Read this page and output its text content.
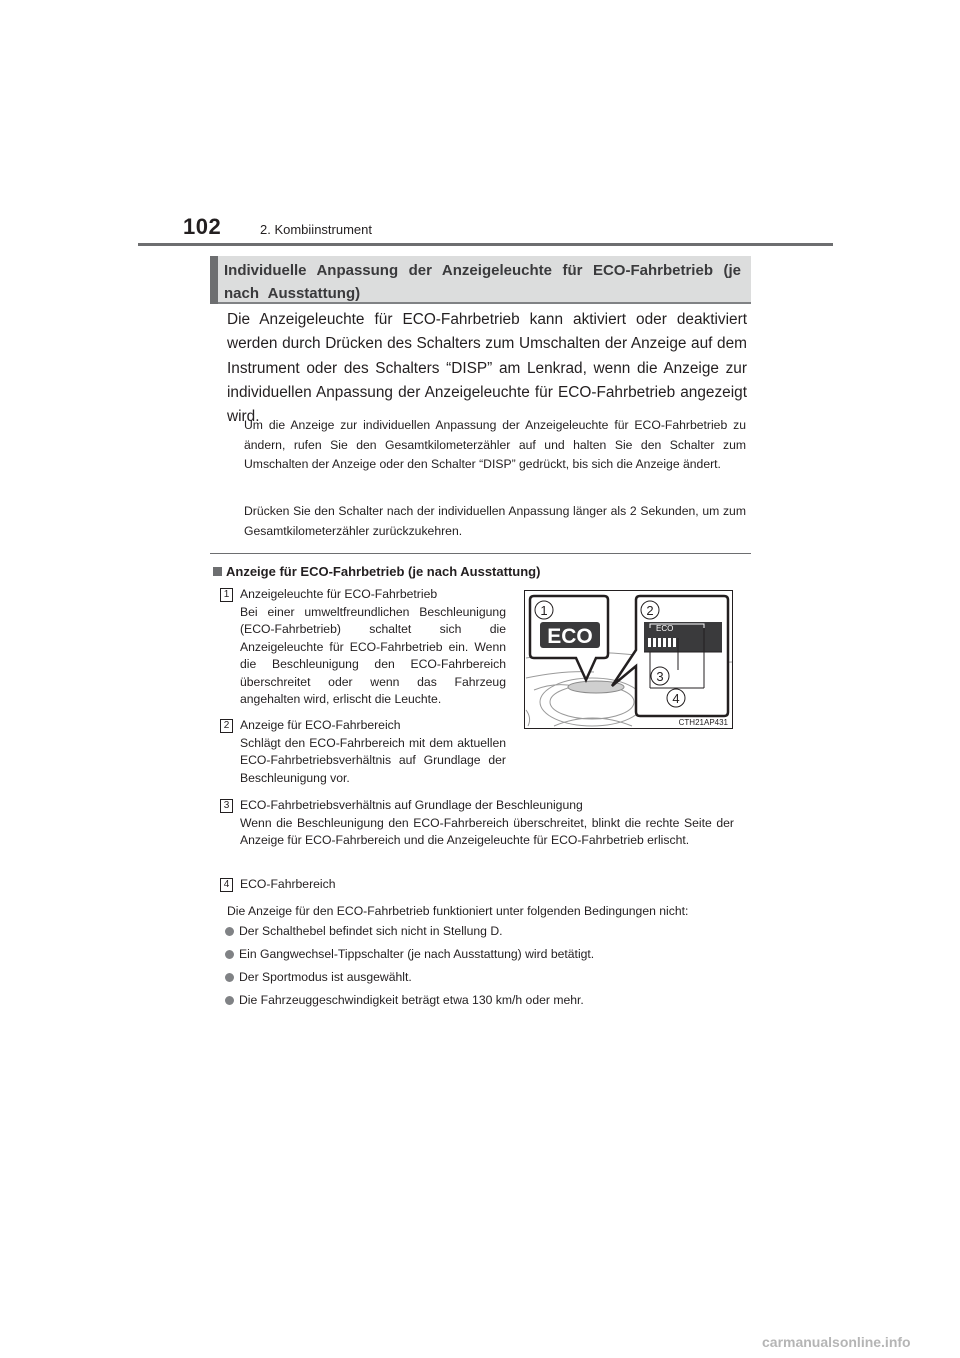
102	2. Kombiinstrument
Individuelle Anpassung der Anzeigeleuchte für ECO-Fahrbetrieb (je nach Ausstattung)

Die Anzeigeleuchte für ECO-Fahrbetrieb kann aktiviert oder deaktiviert werden durch Drücken des Schalters zum Umschalten der Anzeige auf dem Instrument oder des Schalters “DISP” am Lenkrad, wenn die Anzeige zur individuellen Anpassung der Anzeigeleuchte für ECO-Fahrbetrieb angezeigt wird.

Um die Anzeige zur individuellen Anpassung der Anzeigeleuchte für ECO-Fahrbetrieb zu ändern, rufen Sie den Gesamtkilometerzähler auf und halten Sie den Schalter zum Umschalten der Anzeige oder den Schalter “DISP” gedrückt, bis sich die Anzeige ändert.

Drücken Sie den Schalter nach der individuellen Anpassung länger als 2 Sekunden, um zum Gesamtkilometerzähler zurückzukehren.

Anzeige für ECO-Fahrbetrieb (je nach Ausstattung)
1 Anzeigeleuchte für ECO-Fahrbetrieb
Bei einer umweltfreundlichen Beschleunigung (ECO-Fahrbetrieb) schaltet sich die Anzeigeleuchte für ECO-Fahrbetrieb ein. Wenn die Beschleunigung den ECO-Fahrbereich überschreitet oder wenn das Fahrzeug angehalten wird, erlischt die Leuchte.
2 Anzeige für ECO-Fahrbereich
Schlägt den ECO-Fahrbereich mit dem aktuellen ECO-Fahrbetriebsverhältnis auf Grundlage der Beschleunigung vor.
3 ECO-Fahrbetriebsverhältnis auf Grundlage der Beschleunigung
Wenn die Beschleunigung den ECO-Fahrbereich überschreitet, blinkt die rechte Seite der Anzeige für ECO-Fahrbereich und die Anzeigeleuchte für ECO-Fahrbetrieb erlischt.
4 ECO-Fahrbereich
ECO
1	2
ECO
3
4
CTH21AP431

Die Anzeige für den ECO-Fahrbetrieb funktioniert unter folgenden Bedingungen nicht:

Der Schalthebel befindet sich nicht in Stellung D.
Ein Gangwechsel-Tippschalter (je nach Ausstattung) wird betätigt.
Der Sportmodus ist ausgewählt.
Die Fahrzeuggeschwindigkeit beträgt etwa 130 km/h oder mehr.
carmanualsonline.info
